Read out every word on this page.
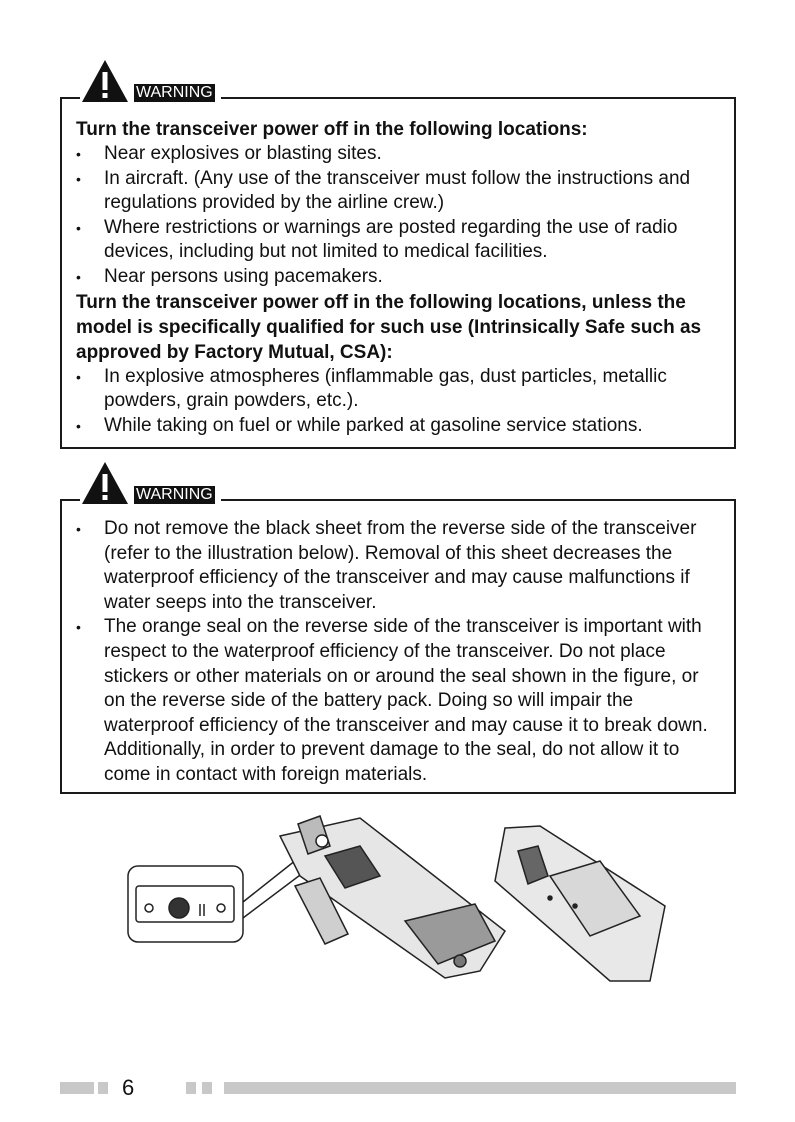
WARNING

Turn the transceiver power off in the following locations:

• Near explosives or blasting sites.
• In aircraft. (Any use of the transceiver must follow the instructions and regulations provided by the airline crew.)
• Where restrictions or warnings are posted regarding the use of radio devices, including but not limited to medical facilities.
• Near persons using pacemakers.

Turn the transceiver power off in the following locations, unless the model is specifically qualified for such use (Intrinsically Safe such as approved by Factory Mutual, CSA):

• In explosive atmospheres (inflammable gas, dust particles, metallic powders, grain powders, etc.).
• While taking on fuel or while parked at gasoline service stations.
WARNING
• Do not remove the black sheet from the reverse side of the transceiver (refer to the illustration below). Removal of this sheet decreases the waterproof efficiency of the transceiver and may cause malfunctions if water seeps into the transceiver.
• The orange seal on the reverse side of the transceiver is important with respect to the waterproof efficiency of the transceiver. Do not place stickers or other materials on or around the seal shown in the figure, or on the reverse side of the battery pack. Doing so will impair the waterproof efficiency of the transceiver and may cause it to break down. Additionally, in order to prevent damage to the seal, do not allow it to come in contact with foreign materials.
6
